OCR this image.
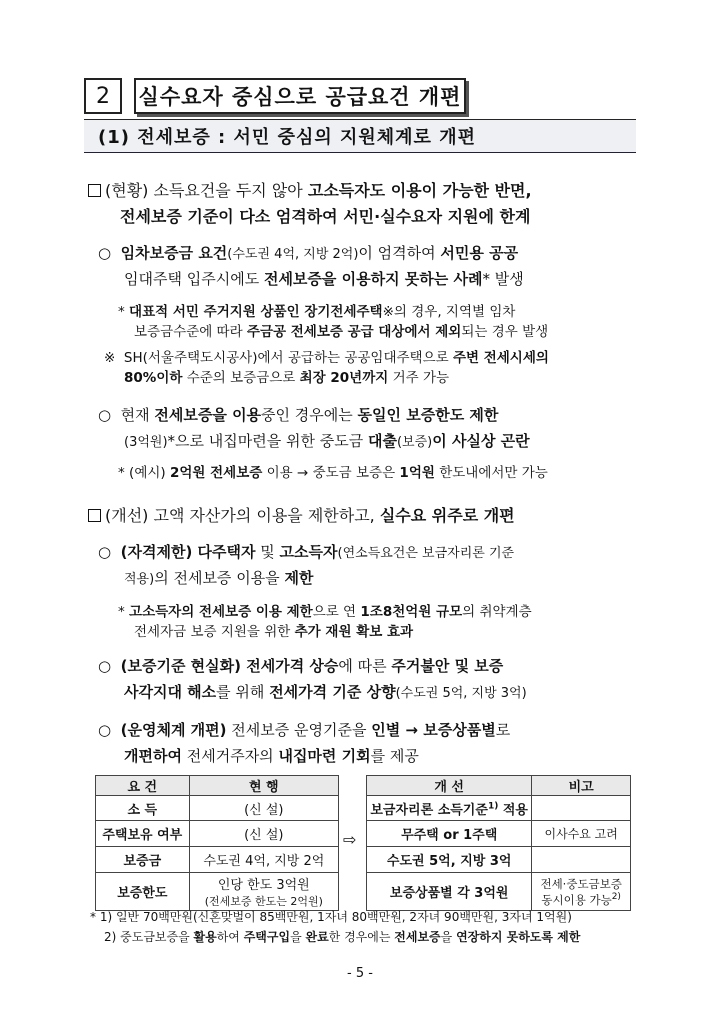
2 실수요자 중심으로 공급요건 개편
(1) 전세보증 : 서민 중심의 지원체계로 개편
(현황) 소득요건을 두지 않아 고소득자도 이용이 가능한 반면,
전세보증 기준이 다소 엄격하여 서민·실수요자 지원에 한계
○ 임차보증금 요건(수도권 4억, 지방 2억)이 엄격하여 서민용 공공
임대주택 입주시에도 전세보증을 이용하지 못하는 사례* 발생
* 대표적 서민 주거지원 상품인 장기전세주택※의 경우, 지역별 임차
보증금수준에 따라 주금공 전세보증 공급 대상에서 제외되는 경우 발생
※ SH(서울주택도시공사)에서 공급하는 공공임대주택으로 주변 전세시세의
80%이하 수준의 보증금으로 최장 20년까지 거주 가능
○ 현재 전세보증을 이용중인 경우에는 동일인 보증한도 제한
(3억원)*으로 내집마련을 위한 중도금 대출(보증)이 사실상 곤란
* (예시) 2억원 전세보증 이용 → 중도금 보증은 1억원 한도내에서만 가능
(개선) 고액 자산가의 이용을 제한하고, 실수요 위주로 개편
○ (자격제한) 다주택자 및 고소득자(연소득요건은 보금자리론 기준
적용)의 전세보증 이용을 제한
* 고소득자의 전세보증 이용 제한으로 연 1조8천억원 규모의 취약계층
전세자금 보증 지원을 위한 추가 재원 확보 효과
○ (보증기준 현실화) 전세가격 상승에 따른 주거불안 및 보증
사각지대 해소를 위해 전세가격 기준 상향(수도권 5억, 지방 3억)
○ (운영체계 개편) 전세보증 운영기준을 인별 → 보증상품별로
개편하여 전세거주자의 내집마련 기회를 제공
요 건	현 행
소 득	(신 설)
주택보유 여부	(신 설)
보증금	수도권 4억, 지방 2억
보증한도	인당 한도 3억원
(전세보증 한도는 2억원)
⇨
개 선	비고
보금자리론 소득기준$^{1)}$ 적용	
무주택 or 1주택	이사수요 고려
수도권 5억, 지방 3억	
보증상품별 각 3억원	전세·중도금보증
동시이용 가능$^{2)}$
* 1) 일반 70백만원(신혼맞벌이 85백만원, 1자녀 80백만원, 2자녀 90백만원, 3자녀 1억원)
2) 중도금보증을 활용하여 주택구입을 완료한 경우에는 전세보증을 연장하지 못하도록 제한
- 5 -
